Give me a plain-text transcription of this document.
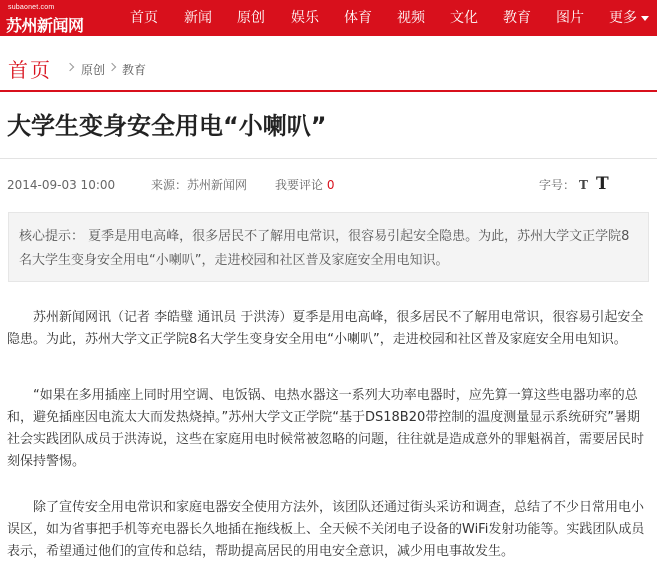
subaonet.com
苏州新闻网	首页 新闻 原创 娱乐 体育 视频 文化 教育 图片 更多
首页 原创 教育
大学生变身安全用电“小喇叭”
2014-09-03 10:00	来源：苏州新闻网 我要评论 0	字号： T T

核心提示： 夏季是用电高峰，很多居民不了解用电常识，很容易引起安全隐患。为此，苏州大学文正学院8名大学生变身安全用电“小喇叭”，走进校园和社区普及家庭安全用电知识。

苏州新闻网讯（记者 李皓璧 通讯员 于洪涛）夏季是用电高峰，很多居民不了解用电常识，很容易引起安全隐患。为此，苏州大学文正学院8名大学生变身安全用电“小喇叭”，走进校园和社区普及家庭安全用电知识。

“如果在多用插座上同时用空调、电饭锅、电热水器这一系列大功率电器时，应先算一算这些电器功率的总和，避免插座因电流太大而发热烧掉。”苏州大学文正学院“基于DS18B20带控制的温度测量显示系统研究”暑期社会实践团队成员于洪涛说，这些在家庭用电时候常被忽略的问题，往往就是造成意外的罪魁祸首，需要居民时刻保持警惕。

除了宣传安全用电常识和家庭电器安全使用方法外，该团队还通过街头采访和调查，总结了不少日常用电小误区，如为省事把手机等充电器长久地插在拖线板上、全天候不关闭电子设备的WiFi发射功能等。实践团队成员表示，希望通过他们的宣传和总结，帮助提高居民的用电安全意识，减少用电事故发生。
